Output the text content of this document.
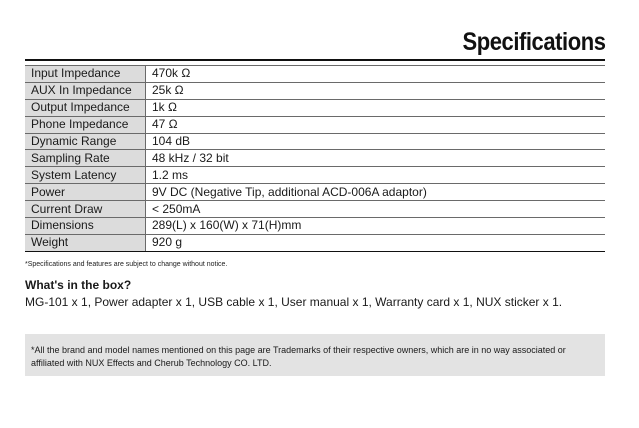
Specifications
Input Impedance	470k Ω
AUX In Impedance	25k Ω
Output Impedance	1k Ω
Phone Impedance	47 Ω
Dynamic Range	104 dB
Sampling Rate	48 kHz / 32 bit
System Latency	1.2 ms
Power	9V DC (Negative Tip, additional ACD-006A adaptor)
Current Draw	< 250mA
Dimensions	289(L) x 160(W) x 71(H)mm
Weight	920 g

*Specifications and features are subject to change without notice.

What's in the box?

MG-101 x 1, Power adapter x 1, USB cable x 1, User manual x 1, Warranty card x 1, NUX sticker x 1.

*All the brand and model names mentioned on this page are Trademarks of their respective owners, which are in no way associated or affiliated with NUX Effects and Cherub Technology CO. LTD.
